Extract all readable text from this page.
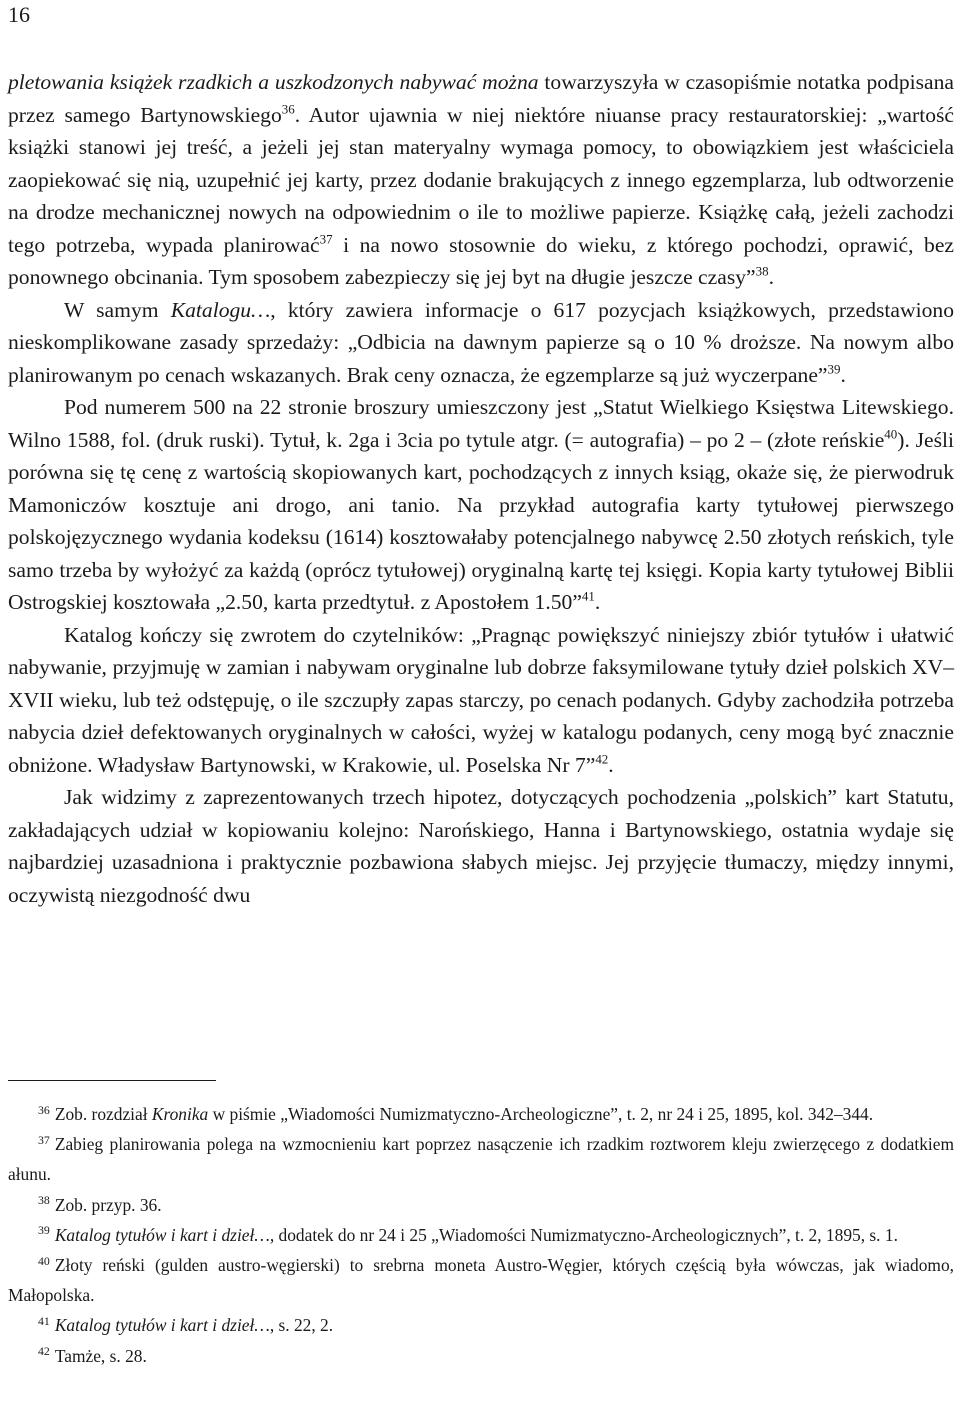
16

pletowania książek rzadkich a uszkodzonych nabywać można towarzyszyła w czasopiśmie notatka podpisana przez samego Bartynowskiego$^{36}$. Autor ujawnia w niej niektóre niuanse pracy restauratorskiej: „wartość książki stanowi jej treść, a jeżeli jej stan materyalny wymaga pomocy, to obowiązkiem jest właściciela zaopiekować się nią, uzupełnić jej karty, przez dodanie brakujących z innego egzemplarza, lub odtworzenie na drodze mechanicznej nowych na odpowiednim o ile to możliwe papierze. Książkę całą, jeżeli zachodzi tego potrzeba, wypada planirować$^{37}$ i na nowo stosownie do wieku, z którego pochodzi, oprawić, bez ponownego obcinania. Tym sposobem zabezpieczy się jej byt na długie jeszcze czasy”$^{38}$.

W samym Katalogu…, który zawiera informacje o 617 pozycjach książkowych, przedstawiono nieskomplikowane zasady sprzedaży: „Odbicia na dawnym papierze są o 10 % droższe. Na nowym albo planirowanym po cenach wskazanych. Brak ceny oznacza, że egzemplarze są już wyczerpane”$^{39}$.

Pod numerem 500 na 22 stronie broszury umieszczony jest „Statut Wielkiego Księstwa Litewskiego. Wilno 1588, fol. (druk ruski). Tytuł, k. 2ga i 3cia po tytule atgr. (= autografia) – po 2 – (złote reńskie$^{40}$). Jeśli porówna się tę cenę z wartością skopiowanych kart, pochodzących z innych ksiąg, okaże się, że pierwodruk Mamoniczów kosztuje ani drogo, ani tanio. Na przykład autografia karty tytułowej pierwszego polskojęzycznego wydania kodeksu (1614) kosztowałaby potencjalnego nabywcę 2.50 złotych reńskich, tyle samo trzeba by wyłożyć za każdą (oprócz tytułowej) oryginalną kartę tej księgi. Kopia karty tytułowej Biblii Ostrogskiej kosztowała „2.50, karta przedtytuł. z Apostołem 1.50”$^{41}$.

Katalog kończy się zwrotem do czytelników: „Pragnąc powiększyć niniejszy zbiór tytułów i ułatwić nabywanie, przyjmuję w zamian i nabywam oryginalne lub dobrze faksymilowane tytuły dzieł polskich XV–XVII wieku, lub też odstępuję, o ile szczupły zapas starczy, po cenach podanych. Gdyby zachodziła potrzeba nabycia dzieł defektowanych oryginalnych w całości, wyżej w katalogu podanych, ceny mogą być znacznie obniżone. Władysław Bartynowski, w Krakowie, ul. Poselska Nr 7”$^{42}$.

Jak widzimy z zaprezentowanych trzech hipotez, dotyczących pochodzenia „polskich” kart Statutu, zakładających udział w kopiowaniu kolejno: Narońskiego, Hanna i Bartynowskiego, ostatnia wydaje się najbardziej uzasadniona i praktycznie pozbawiona słabych miejsc. Jej przyjęcie tłumaczy, między innymi, oczywistą niezgodność dwu

$^{36}$ Zob. rozdział Kronika w piśmie „Wiadomości Numizmatyczno-Archeologiczne”, t. 2, nr 24 i 25, 1895, kol. 342–344.

$^{37}$ Zabieg planirowania polega na wzmocnieniu kart poprzez nasączenie ich rzadkim roztworem kleju zwierzęcego z dodatkiem ałunu.

$^{38}$ Zob. przyp. 36.

$^{39}$ Katalog tytułów i kart i dzieł…, dodatek do nr 24 i 25 „Wiadomości Numizmatyczno-Archeologicznych”, t. 2, 1895, s. 1.

$^{40}$ Złoty reński (gulden austro-węgierski) to srebrna moneta Austro-Węgier, których częścią była wówczas, jak wiadomo, Małopolska.

$^{41}$ Katalog tytułów i kart i dzieł…, s. 22, 2.

$^{42}$ Tamże, s. 28.
